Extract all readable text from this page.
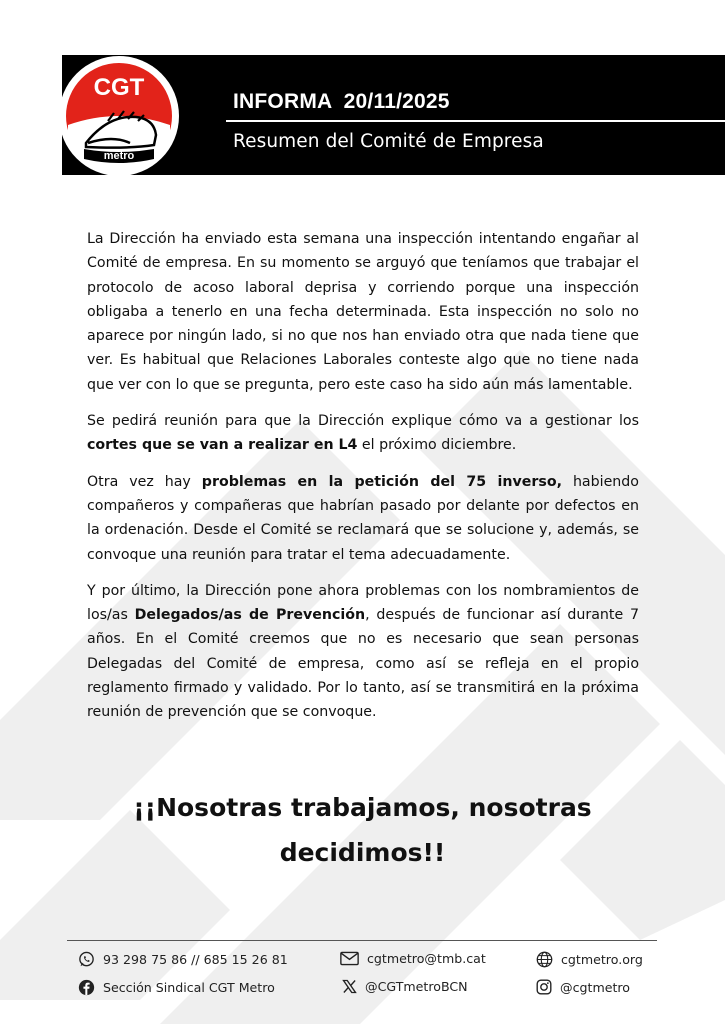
CGT
metro
INFORMA  20/11/2025
Resumen del Comité de Empresa

La Dirección ha enviado esta semana una inspección intentando engañar al Comité de empresa. En su momento se arguyó que teníamos que trabajar el protocolo de acoso laboral deprisa y corriendo porque una inspección obligaba a tenerlo en una fecha determinada. Esta inspección no solo no aparece por ningún lado, si no que nos han enviado otra que nada tiene que ver. Es habitual que Relaciones Laborales conteste algo que no tiene nada que ver con lo que se pregunta, pero este caso ha sido aún más lamentable.

Se pedirá reunión para que la Dirección explique cómo va a gestionar los cortes que se van a realizar en L4 el próximo diciembre.

Otra vez hay problemas en la petición del 75 inverso, habiendo compañeros y compañeras que habrían pasado por delante por defectos en la ordenación. Desde el Comité se reclamará que se solucione y, además, se convoque una reunión para tratar el tema adecuadamente.

Y por último, la Dirección pone ahora problemas con los nombramientos de los/as Delegados/as de Prevención, después de funcionar así durante 7 años. En el Comité creemos que no es necesario que sean personas Delegadas del Comité de empresa, como así se refleja en el propio reglamento firmado y validado. Por lo tanto, así se transmitirá en la próxima reunión de prevención que se convoque.

¡¡Nosotras trabajamos, nosotras decidimos!!
93 298 75 86 // 685 15 26 81
Sección Sindical CGT Metro
cgtmetro@tmb.cat
@CGTmetroBCN
cgtmetro.org
@cgtmetro
